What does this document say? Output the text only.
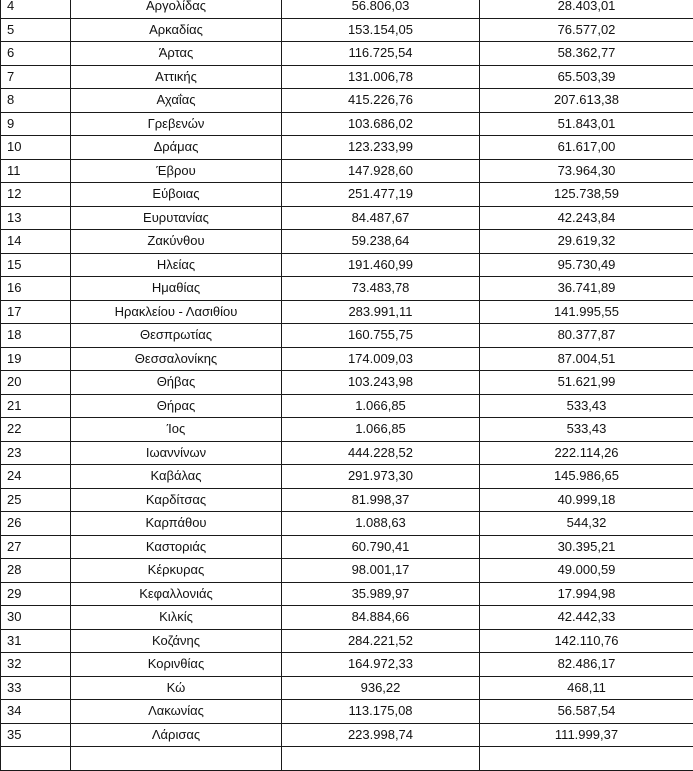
4	Αργολίδας	56.806,03	28.403,01
5	Αρκαδίας	153.154,05	76.577,02
6	Άρτας	116.725,54	58.362,77
7	Αττικής	131.006,78	65.503,39
8	Αχαΐας	415.226,76	207.613,38
9	Γρεβενών	103.686,02	51.843,01
10	Δράμας	123.233,99	61.617,00
11	Έβρου	147.928,60	73.964,30
12	Εύβοιας	251.477,19	125.738,59
13	Ευρυτανίας	84.487,67	42.243,84
14	Ζακύνθου	59.238,64	29.619,32
15	Ηλείας	191.460,99	95.730,49
16	Ημαθίας	73.483,78	36.741,89
17	Ηρακλείου - Λασιθίου	283.991,11	141.995,55
18	Θεσπρωτίας	160.755,75	80.377,87
19	Θεσσαλονίκης	174.009,03	87.004,51
20	Θήβας	103.243,98	51.621,99
21	Θήρας	1.066,85	533,43
22	Ίος	1.066,85	533,43
23	Ιωαννίνων	444.228,52	222.114,26
24	Καβάλας	291.973,30	145.986,65
25	Καρδίτσας	81.998,37	40.999,18
26	Καρπάθου	1.088,63	544,32
27	Καστοριάς	60.790,41	30.395,21
28	Κέρκυρας	98.001,17	49.000,59
29	Κεφαλλονιάς	35.989,97	17.994,98
30	Κιλκίς	84.884,66	42.442,33
31	Κοζάνης	284.221,52	142.110,76
32	Κορινθίας	164.972,33	82.486,17
33	Κώ	936,22	468,11
34	Λακωνίας	113.175,08	56.587,54
35	Λάρισας	223.998,74	111.999,37
